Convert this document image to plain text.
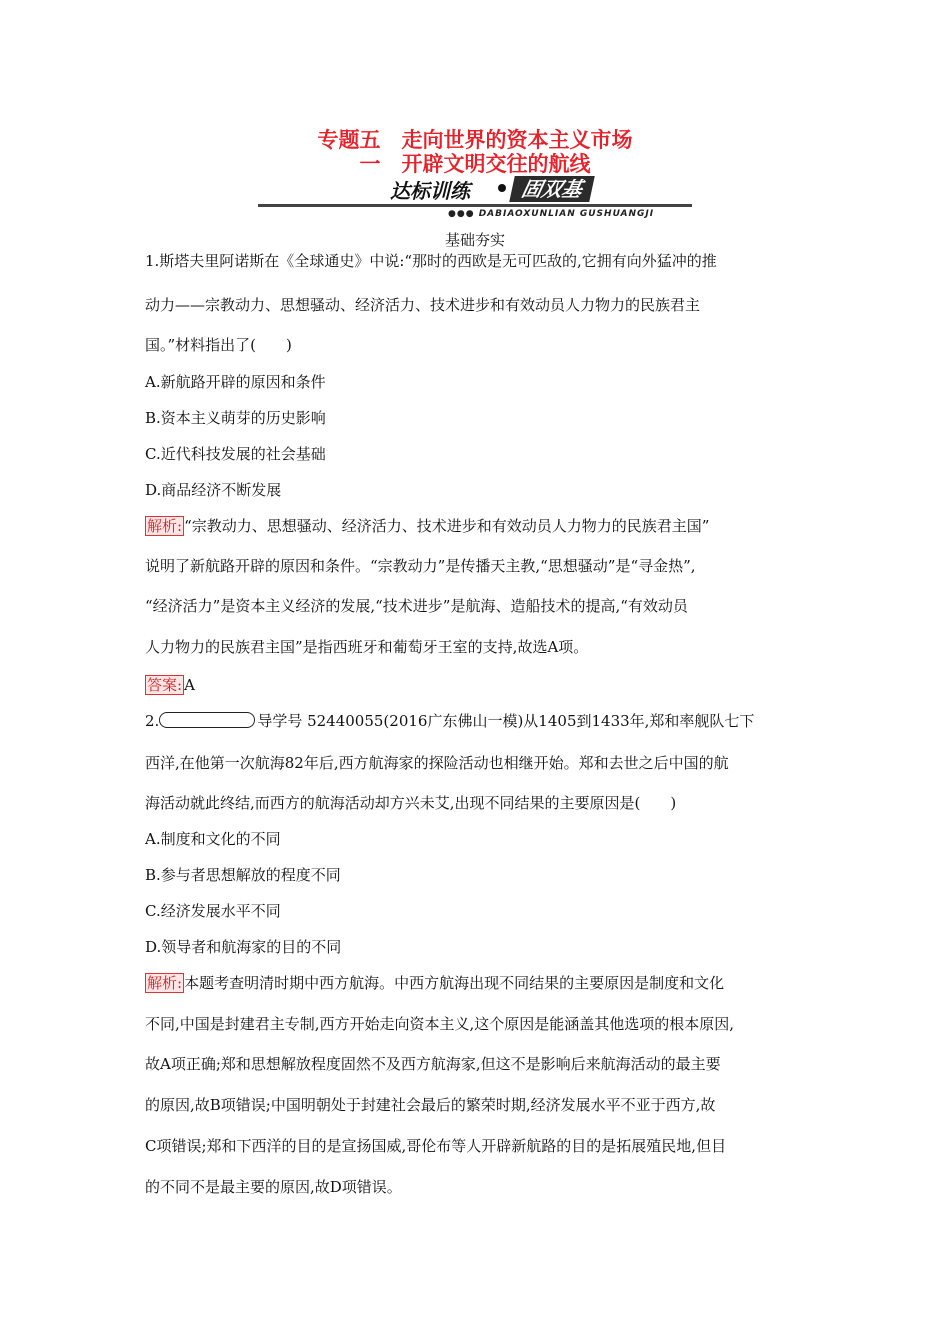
专题五　走向世界的资本主义市场
一　开辟文明交往的航线
达标训练	固双基
●●● DABIAOXUNLIAN GUSHUANGJI
基础夯实
1.斯塔夫里阿诺斯在《全球通史》中说:“那时的西欧是无可匹敌的,它拥有向外猛冲的推
动力——宗教动力、思想骚动、经济活力、技术进步和有效动员人力物力的民族君主
国。”材料指出了(　　)
A.新航路开辟的原因和条件
B.资本主义萌芽的历史影响
C.近代科技发展的社会基础
D.商品经济不断发展
解析: “宗教动力、思想骚动、经济活力、技术进步和有效动员人力物力的民族君主国”
说明了新航路开辟的原因和条件。“宗教动力”是传播天主教,“思想骚动”是“寻金热”,
“经济活力”是资本主义经济的发展,“技术进步”是航海、造船技术的提高,“有效动员
人力物力的民族君主国”是指西班牙和葡萄牙王室的支持,故选A项。
答案: A
2.	导学号 52440055(2016广东佛山一模)从1405到1433年,郑和率舰队七下
西洋,在他第一次航海82年后,西方航海家的探险活动也相继开始。郑和去世之后中国的航
海活动就此终结,而西方的航海活动却方兴未艾,出现不同结果的主要原因是(　　)
A.制度和文化的不同
B.参与者思想解放的程度不同
C.经济发展水平不同
D.领导者和航海家的目的不同
解析: 本题考查明清时期中西方航海。中西方航海出现不同结果的主要原因是制度和文化
不同,中国是封建君主专制,西方开始走向资本主义,这个原因是能涵盖其他选项的根本原因,
故A项正确;郑和思想解放程度固然不及西方航海家,但这不是影响后来航海活动的最主要
的原因,故B项错误;中国明朝处于封建社会最后的繁荣时期,经济发展水平不亚于西方,故
C项错误;郑和下西洋的目的是宣扬国威,哥伦布等人开辟新航路的目的是拓展殖民地,但目
的不同不是最主要的原因,故D项错误。
